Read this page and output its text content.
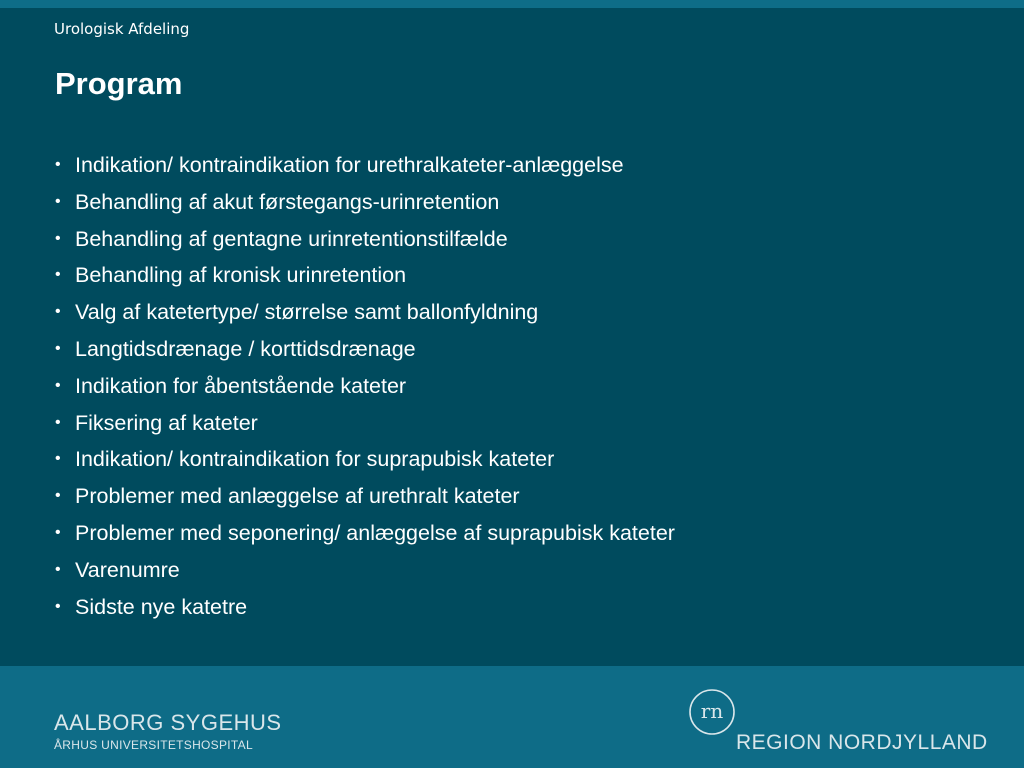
Urologisk Afdeling
Program
• Indikation/ kontraindikation for urethralkateter-anlæggelse
• Behandling af akut førstegangs-urinretention
• Behandling af gentagne urinretentionstilfælde
• Behandling af kronisk urinretention
• Valg af katetertype/ størrelse samt ballonfyldning
• Langtidsdrænage / korttidsdrænage
• Indikation for åbentstående kateter
• Fiksering af kateter
• Indikation/ kontraindikation for suprapubisk kateter
• Problemer med anlæggelse af urethralt kateter
• Problemer med seponering/ anlæggelse af suprapubisk kateter
• Varenumre
• Sidste nye katetre
AALBORG SYGEHUS
ÅRHUS UNIVERSITETSHOSPITAL
rn
REGION NORDJYLLAND
